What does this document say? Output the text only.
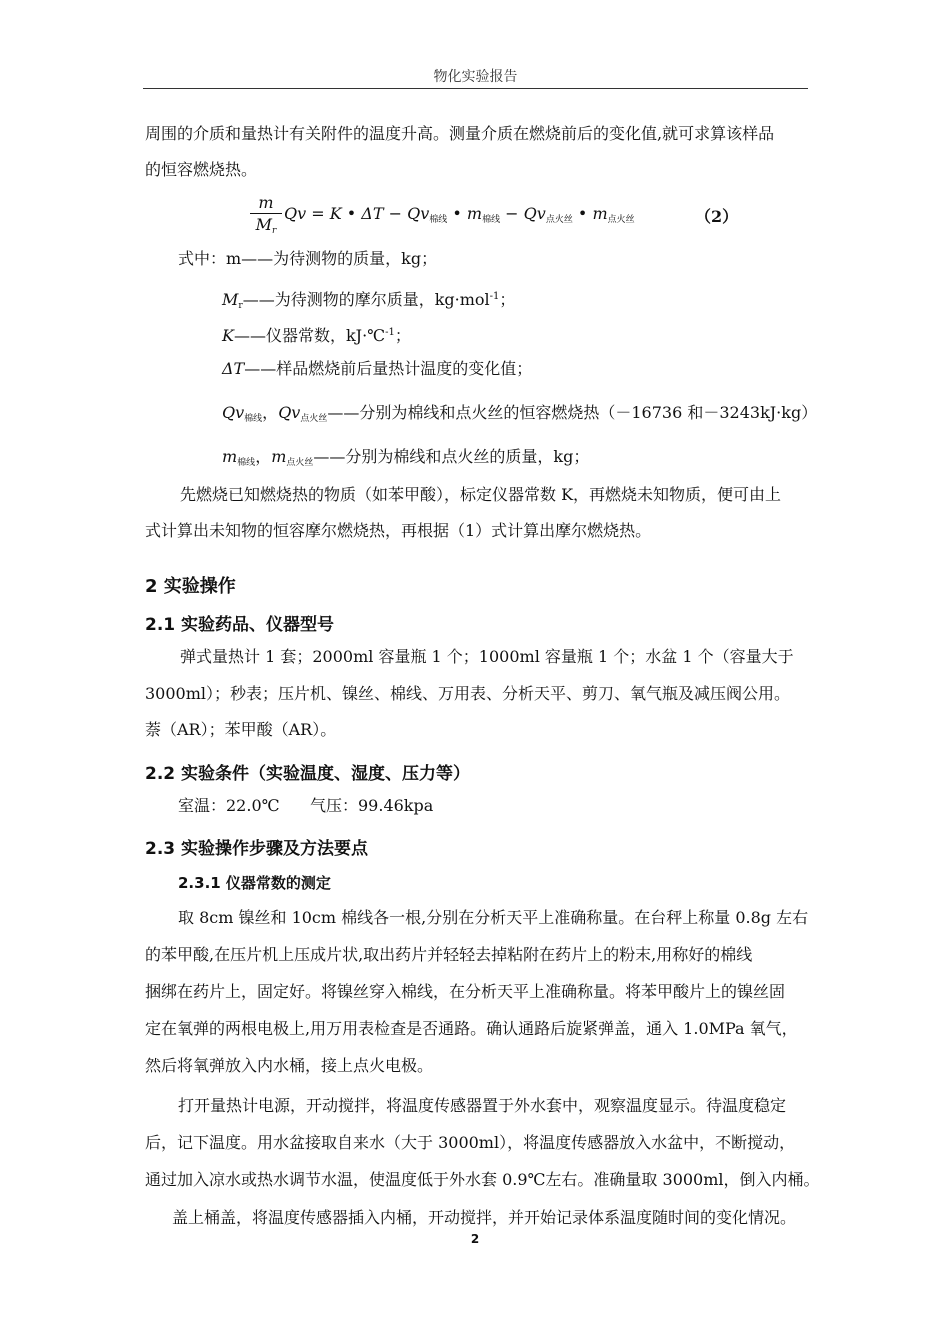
物化实验报告
周围的介质和量热计有关附件的温度升高。测量介质在燃烧前后的变化值,就可求算该样品
的恒容燃烧热。
$\frac{m}{M_r}$ Qv = K • $\Delta T - Qv_{棉线}$ • $m_{棉线} - Qv_{点火丝}$ • $m_{点火丝}$	（2）
式中：m——为待测物的质量，kg；
$M_r——$为待测物的摩尔质量，kg·mol$^{-1}$；
K——仪器常数，kJ·℃$^{-1}$；
ΔT——样品燃烧前后量热计温度的变化值；
$Qv_{棉线}$，$Qv_{点火丝}——$分别为棉线和点火丝的恒容燃烧热（－16736 和－3243kJ·kg）
$m_{棉线}$，$m_{点火丝}——$分别为棉线和点火丝的质量，kg；
先燃烧已知燃烧热的物质（如苯甲酸），标定仪器常数 K，再燃烧未知物质，便可由上
式计算出未知物的恒容摩尔燃烧热，再根据（1）式计算出摩尔燃烧热。
2 实验操作
2.1 实验药品、仪器型号
弹式量热计 1 套；2000ml 容量瓶 1 个；1000ml 容量瓶 1 个；水盆 1 个（容量大于
3000ml）；秒表；压片机、镍丝、棉线、万用表、分析天平、剪刀、氧气瓶及减压阀公用。
萘（AR）；苯甲酸（AR）。
2.2 实验条件（实验温度、湿度、压力等）
室温：22.0℃ 气压：99.46kpa
2.3 实验操作步骤及方法要点
2.3.1 仪器常数的测定
取 8cm 镍丝和 10cm 棉线各一根,分别在分析天平上准确称量。在台秤上称量 0.8g 左右
的苯甲酸,在压片机上压成片状,取出药片并轻轻去掉粘附在药片上的粉末,用称好的棉线
捆绑在药片上，固定好。将镍丝穿入棉线，在分析天平上准确称量。将苯甲酸片上的镍丝固
定在氧弹的两根电极上,用万用表检查是否通路。确认通路后旋紧弹盖，通入 1.0MPa 氧气，
然后将氧弹放入内水桶，接上点火电极。
打开量热计电源，开动搅拌，将温度传感器置于外水套中，观察温度显示。待温度稳定
后，记下温度。用水盆接取自来水（大于 3000ml），将温度传感器放入水盆中，不断搅动，
通过加入凉水或热水调节水温，使温度低于外水套 0.9℃左右。准确量取 3000ml，倒入内桶。
盖上桶盖，将温度传感器插入内桶，开动搅拌，并开始记录体系温度随时间的变化情况。
2
